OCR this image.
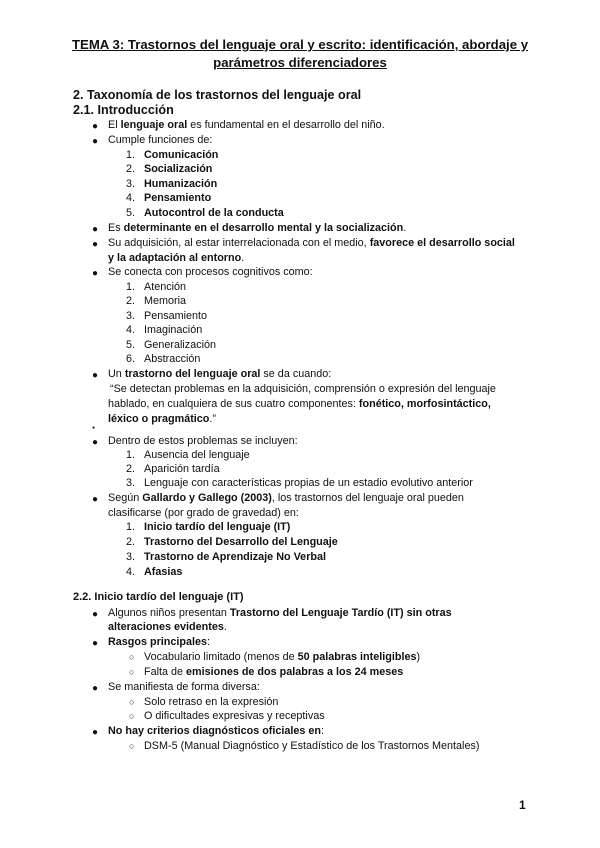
TEMA 3: Trastornos del lenguaje oral y escrito: identificación, abordaje y parámetros diferenciadores
2. Taxonomía de los trastornos del lenguaje oral
2.1. Introducción
● El lenguaje oral es fundamental en el desarrollo del niño.
● Cumple funciones de:
1. Comunicación
2. Socialización
3. Humanización
4. Pensamiento
5. Autocontrol de la conducta
● Es determinante en el desarrollo mental y la socialización.
● Su adquisición, al estar interrelacionada con el medio, favorece el desarrollo social
y la adaptación al entorno.
● Se conecta con procesos cognitivos como:
1. Atención
2. Memoria
3. Pensamiento
4. Imaginación
5. Generalización
6. Abstracción
● Un trastorno del lenguaje oral se da cuando:
“Se detectan problemas en la adquisición, comprensión o expresión del lenguaje
hablado, en cualquiera de sus cuatro componentes: fonético, morfosintáctico,
léxico o pragmático.”
●
● Dentro de estos problemas se incluyen:
1. Ausencia del lenguaje
2. Aparición tardía
3. Lenguaje con características propias de un estadio evolutivo anterior
● Según Gallardo y Gallego (2003), los trastornos del lenguaje oral pueden
clasificarse (por grado de gravedad) en:
1. Inicio tardío del lenguaje (IT)
2. Trastorno del Desarrollo del Lenguaje
3. Trastorno de Aprendizaje No Verbal
4. Afasias
2.2. Inicio tardío del lenguaje (IT)
● Algunos niños presentan Trastorno del Lenguaje Tardío (IT) sin otras
alteraciones evidentes.
● Rasgos principales:
○ Vocabulario limitado (menos de 50 palabras inteligibles)
○ Falta de emisiones de dos palabras a los 24 meses
● Se manifiesta de forma diversa:
○ Solo retraso en la expresión
○ O dificultades expresivas y receptivas
● No hay criterios diagnósticos oficiales en:
○ DSM-5 (Manual Diagnóstico y Estadístico de los Trastornos Mentales)
1
